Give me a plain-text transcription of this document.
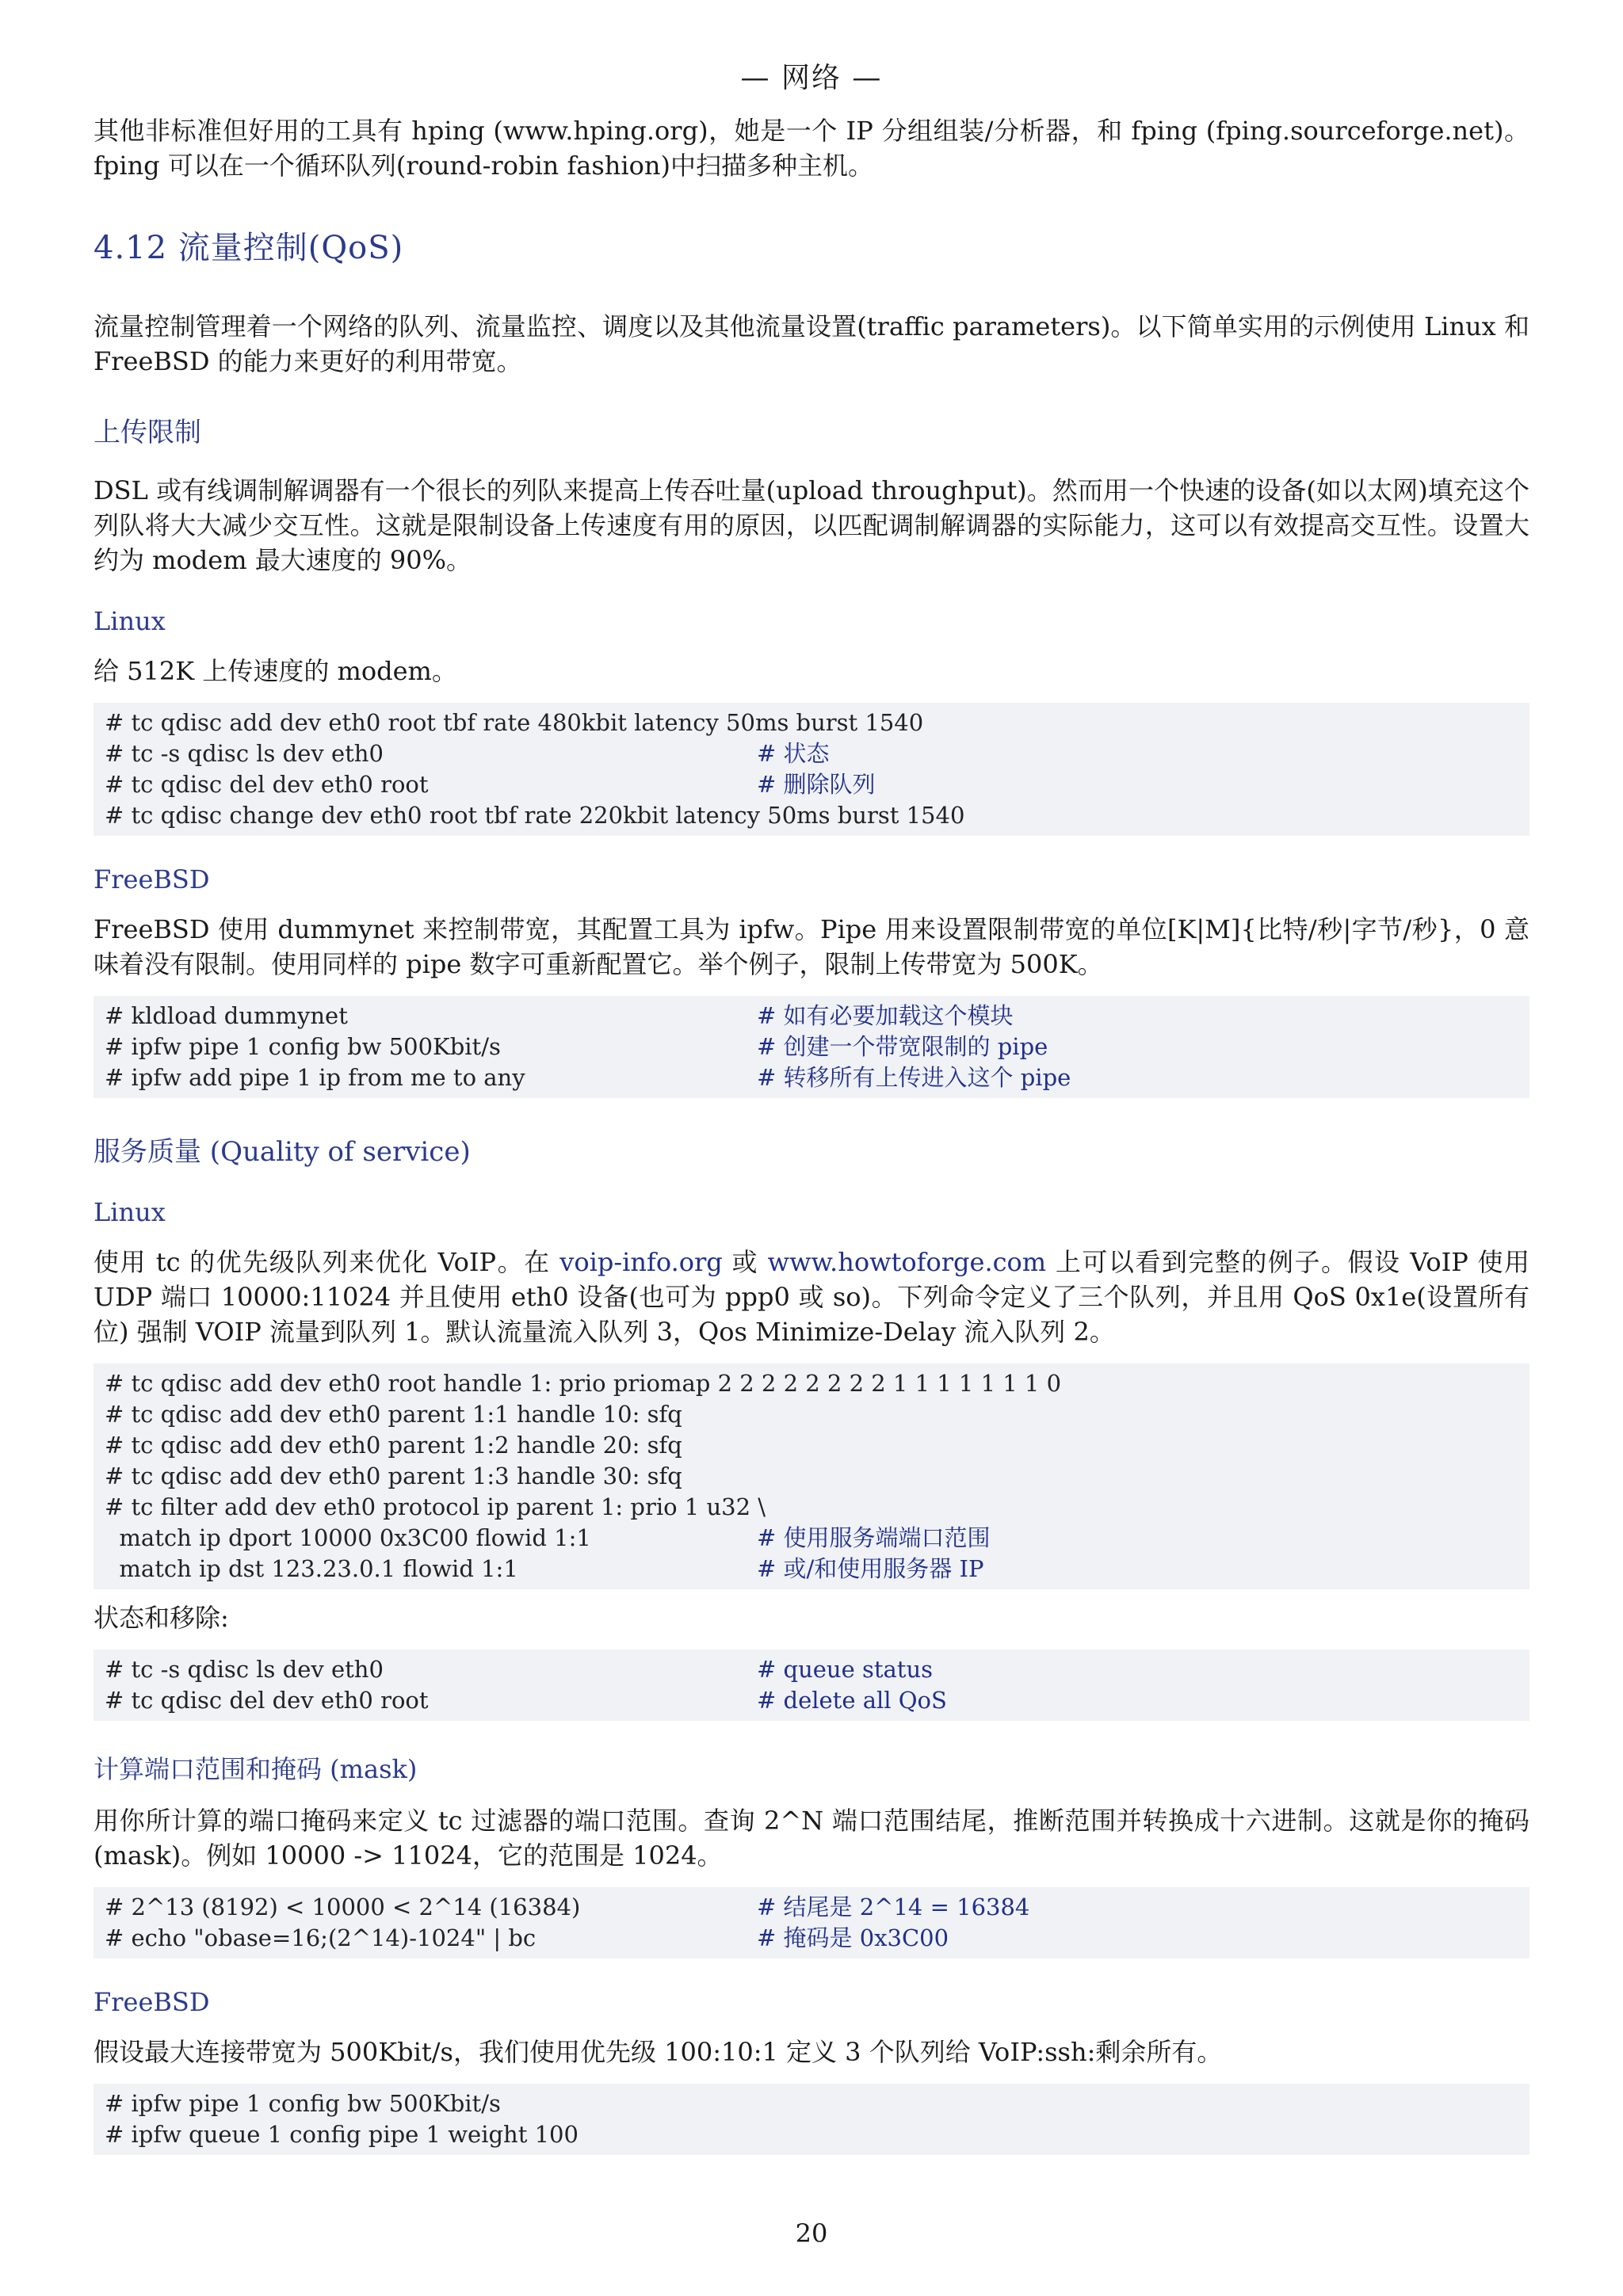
— 网络 —

其他非标准但好用的工具有 hping (www.hping.org)，她是一个 IP 分组组装/分析器，和 fping (fping.sourceforge.net)。fping 可以在一个循环队列(round-robin fashion)中扫描多种主机。

4.12 流量控制(QoS)

流量控制管理着一个网络的队列、流量监控、调度以及其他流量设置(traffic parameters)。以下简单实用的示例使用 Linux 和 FreeBSD 的能力来更好的利用带宽。

上传限制

DSL 或有线调制解调器有一个很长的列队来提高上传吞吐量(upload throughput)。然而用一个快速的设备(如以太网)填充这个列队将大大减少交互性。这就是限制设备上传速度有用的原因，以匹配调制解调器的实际能力，这可以有效提高交互性。设置大约为 modem 最大速度的 90%。

Linux

给 512K 上传速度的 modem。

# tc qdisc add dev eth0 root tbf rate 480kbit latency 50ms burst 1540
# tc -s qdisc ls dev eth0	# 状态
# tc qdisc del dev eth0 root	# 删除队列
# tc qdisc change dev eth0 root tbf rate 220kbit latency 50ms burst 1540
FreeBSD

FreeBSD 使用 dummynet 来控制带宽，其配置工具为 ipfw。Pipe 用来设置限制带宽的单位[K|M]{比特/秒|字节/秒}，0 意味着没有限制。使用同样的 pipe 数字可重新配置它。举个例子，限制上传带宽为 500K。

# kldload dummynet	# 如有必要加载这个模块
# ipfw pipe 1 config bw 500Kbit/s	# 创建一个带宽限制的 pipe
# ipfw add pipe 1 ip from me to any	# 转移所有上传进入这个 pipe
服务质量 (Quality of service)
Linux

使用 tc 的优先级队列来优化 VoIP。在 voip-info.org 或 www.howtoforge.com 上可以看到完整的例子。假设 VoIP 使用 UDP 端口 10000:11024 并且使用 eth0 设备(也可为 ppp0 或 so)。下列命令定义了三个队列，并且用 QoS 0x1e(设置所有位) 强制 VOIP 流量到队列 1。默认流量流入队列 3，Qos Minimize-Delay 流入队列 2。

# tc qdisc add dev eth0 root handle 1: prio priomap 2 2 2 2 2 2 2 2 1 1 1 1 1 1 1 0
# tc qdisc add dev eth0 parent 1:1 handle 10: sfq
# tc qdisc add dev eth0 parent 1:2 handle 20: sfq
# tc qdisc add dev eth0 parent 1:3 handle 30: sfq
# tc filter add dev eth0 protocol ip parent 1: prio 1 u32 \
match ip dport 10000 0x3C00 flowid 1:1	# 使用服务端端口范围
match ip dst 123.23.0.1 flowid 1:1	# 或/和使用服务器 IP

状态和移除:

# tc -s qdisc ls dev eth0	# queue status
# tc qdisc del dev eth0 root	# delete all QoS
计算端口范围和掩码 (mask)

用你所计算的端口掩码来定义 tc 过滤器的端口范围。查询 2^N 端口范围结尾，推断范围并转换成十六进制。这就是你的掩码 (mask)。例如 10000 -> 11024，它的范围是 1024。

# 2^13 (8192) < 10000 < 2^14 (16384)	# 结尾是 2^14 = 16384
# echo "obase=16;(2^14)-1024" | bc	# 掩码是 0x3C00
FreeBSD

假设最大连接带宽为 500Kbit/s，我们使用优先级 100:10:1 定义 3 个队列给 VoIP:ssh:剩余所有。

# ipfw pipe 1 config bw 500Kbit/s
# ipfw queue 1 config pipe 1 weight 100
20
